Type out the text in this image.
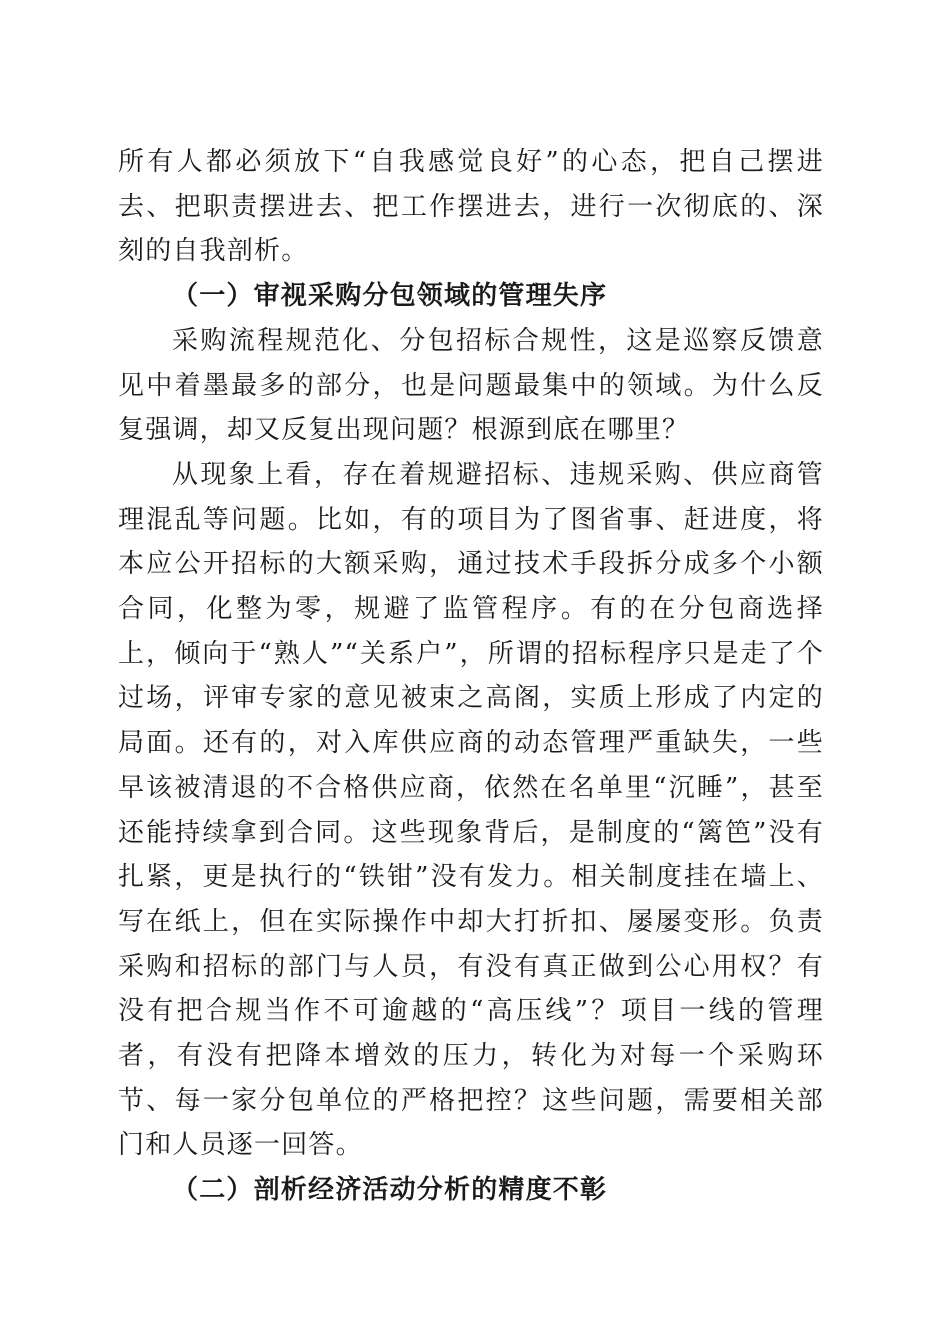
所有人都必须放下“自我感觉良好”的心态，把自己摆进去、把职责摆进去、把工作摆进去，进行一次彻底的、深刻的自我剖析。

（一）审视采购分包领域的管理失序

采购流程规范化、分包招标合规性，这是巡察反馈意见中着墨最多的部分，也是问题最集中的领域。为什么反复强调，却又反复出现问题？根源到底在哪里？

从现象上看，存在着规避招标、违规采购、供应商管理混乱等问题。比如，有的项目为了图省事、赶进度，将本应公开招标的大额采购，通过技术手段拆分成多个小额合同，化整为零，规避了监管程序。有的在分包商选择上，倾向于“熟人”“关系户”，所谓的招标程序只是走了个过场，评审专家的意见被束之高阁，实质上形成了内定的局面。还有的，对入库供应商的动态管理严重缺失，一些早该被清退的不合格供应商，依然在名单里“沉睡”，甚至还能持续拿到合同。这些现象背后，是制度的“篱笆”没有扎紧，更是执行的“铁钳”没有发力。相关制度挂在墙上、写在纸上，但在实际操作中却大打折扣、屡屡变形。负责采购和招标的部门与人员，有没有真正做到公心用权？有没有把合规当作不可逾越的“高压线”？项目一线的管理者，有没有把降本增效的压力，转化为对每一个采购环节、每一家分包单位的严格把控？这些问题，需要相关部门和人员逐一回答。

（二）剖析经济活动分析的精度不彰
